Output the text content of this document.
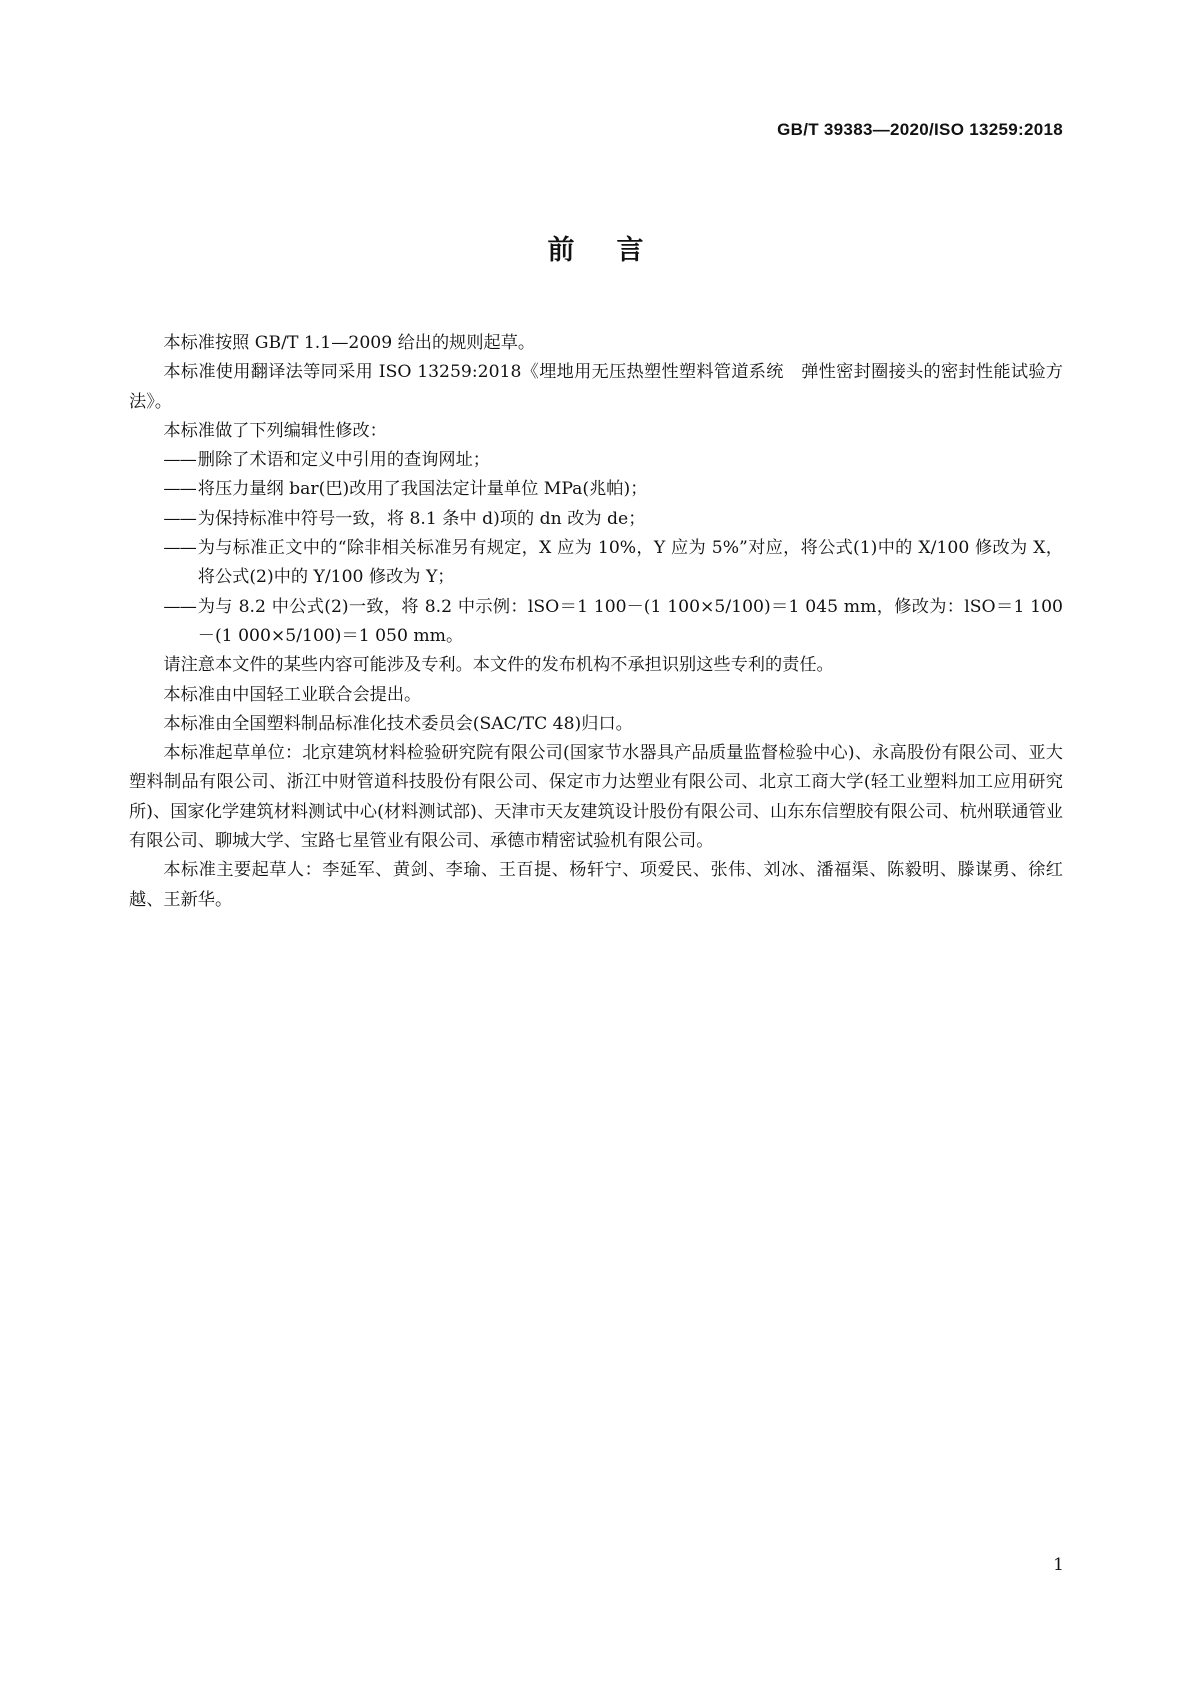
GB/T 39383—2020/ISO 13259:2018
前言

本标准按照 GB/T 1.1—2009 给出的规则起草。

本标准使用翻译法等同采用 ISO 13259:2018《埋地用无压热塑性塑料管道系统　弹性密封圈接头的密封性能试验方法》。

本标准做了下列编辑性修改：

—— 删除了术语和定义中引用的查询网址；
—— 将压力量纲 bar(巴)改用了我国法定计量单位 MPa(兆帕)；
—— 为保持标准中符号一致，将 8.1 条中 d)项的 dn 改为 de；
—— 为与标准正文中的“除非相关标准另有规定，X 应为 10%，Y 应为 5%”对应，将公式(1)中的 X/100 修改为 X，将公式(2)中的 Y/100 修改为 Y；
—— 为与 8.2 中公式(2)一致，将 8.2 中示例：lSO＝1 100－(1 100×5/100)＝1 045 mm，修改为：lSO＝1 100－(1 000×5/100)＝1 050 mm。

请注意本文件的某些内容可能涉及专利。本文件的发布机构不承担识别这些专利的责任。

本标准由中国轻工业联合会提出。

本标准由全国塑料制品标准化技术委员会(SAC/TC 48)归口。

本标准起草单位：北京建筑材料检验研究院有限公司(国家节水器具产品质量监督检验中心)、永高股份有限公司、亚大塑料制品有限公司、浙江中财管道科技股份有限公司、保定市力达塑业有限公司、北京工商大学(轻工业塑料加工应用研究所)、国家化学建筑材料测试中心(材料测试部)、天津市天友建筑设计股份有限公司、山东东信塑胶有限公司、杭州联通管业有限公司、聊城大学、宝路七星管业有限公司、承德市精密试验机有限公司。

本标准主要起草人：李延军、黄剑、李瑜、王百提、杨轩宁、项爱民、张伟、刘冰、潘福渠、陈毅明、滕谋勇、徐红越、王新华。

1
